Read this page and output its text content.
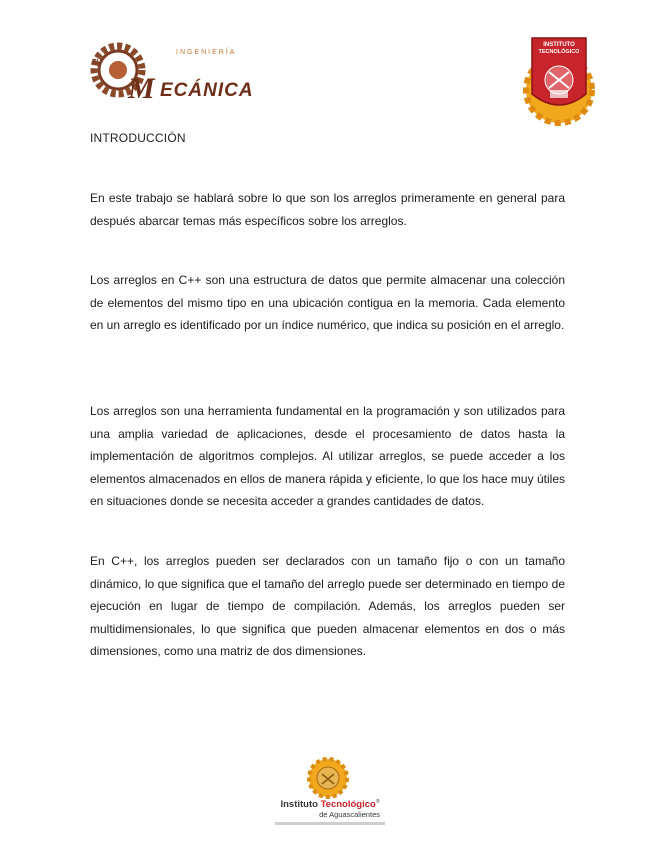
EL
INGENIERÍA
M ECÁNICA
INSTITUTO
TECNOLÓGICO
INTRODUCCIÓN

En este trabajo se hablará sobre lo que son los arreglos primeramente en general para después abarcar temas más específicos sobre los arreglos.

Los arreglos en C++ son una estructura de datos que permite almacenar una colección de elementos del mismo tipo en una ubicación contigua en la memoria. Cada elemento en un arreglo es identificado por un índice numérico, que indica su posición en el arreglo.

Los arreglos son una herramienta fundamental en la programación y son utilizados para una amplia variedad de aplicaciones, desde el procesamiento de datos hasta la implementación de algoritmos complejos. Al utilizar arreglos, se puede acceder a los elementos almacenados en ellos de manera rápida y eficiente, lo que los hace muy útiles en situaciones donde se necesita acceder a grandes cantidades de datos.

En C++, los arreglos pueden ser declarados con un tamaño fijo o con un tamaño dinámico, lo que significa que el tamaño del arreglo puede ser determinado en tiempo de ejecución en lugar de tiempo de compilación. Además, los arreglos pueden ser multidimensionales, lo que significa que pueden almacenar elementos en dos o más dimensiones, como una matriz de dos dimensiones.

Instituto Tecnológico®
de Aguascalientes
